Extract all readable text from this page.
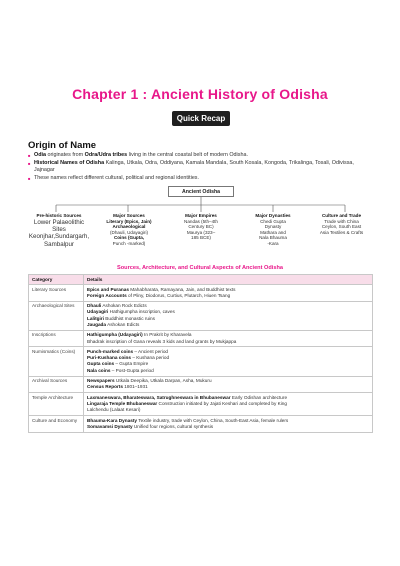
Chapter 1 : Ancient History of Odisha
Quick Recap
Origin of Name
■ Odia originates from Odra/Udra tribes living in the central coastal belt of modern Odisha.
■ Historical Names of Odisha Kalinga, Utkala, Odra, Oddiyana, Kamala Mandala, South Kosala, Kongoda, Trikalinga, Tosali, Odivissa, Jajnagar
■ These names reflect different cultural, political and regional identities.
Ancient Odisha
Pre-historic Sources
Lower Palaeolithic Sites
Keonjhar,Sundargarh,
Sambalpur
Major Sources
Literary (Epics, Jain)
Archaeological
(Dhauli, Udayagiri)
Coins (Gupta,
Punch -marked)
Major Empires
Nandas (5th–4th
Century BC)
Maurya (323–
185 BCE)
Major Dynasties
Chedi Gupta
Dynasty
Mathara and
Nala Bhauma
-Kara
Culture and Trade
Trade with China
Ceylon, South East
Asia Textiles & Crafts
Sources, Architecture, and Cultural Aspects of Ancient Odisha
Category	Details
Literary Sources	Epics and Puranas Mahabharata, Ramayana, Jain, and Buddhist texts
Foreign Accounts of Pliny, Diodorus, Curtius, Plutarch, Hiuen Tsang

Archaeological Sites	Dhauli Ashokan Rock Edicts
Udayagiri Hathigumpha inscription, caves
Lalitgiri Buddhist monastic ruins
Jaugada Ashokan Edicts

Inscriptions	Hathigumpha (Udayagiri) In Prakrit by Kharavela
Bhadrak inscription of Gana reveals 3 kids and land grants by Mukjappa

Numismatics (Coins)	Punch-marked coins – Ancient period
Puri-Kushana coins – Kushana period
Gupta coins – Gupta Empire
Nala coins – Post-Gupta period

Archival Sources	Newspapers Utkala Deepika, Utkala Darpan, Asha, Mukuru
Census Reports 1801–1931

Temple Architecture	Laxmaneswara, Bharateswara, Satrughneswara in Bhubaneswar Early Odishan architecture
Lingaraja Temple Bhubaneswar Construction initiated by Jajati Keshari and completed by King
Lalchendu (Lalaat Kesari)

Culture and Economy	Bhauma-Kara Dynasty Textile industry, trade with Ceylon, China, South-East Asia, female rulers
Somavamsi Dynasty Unified four regions, cultural synthesis
